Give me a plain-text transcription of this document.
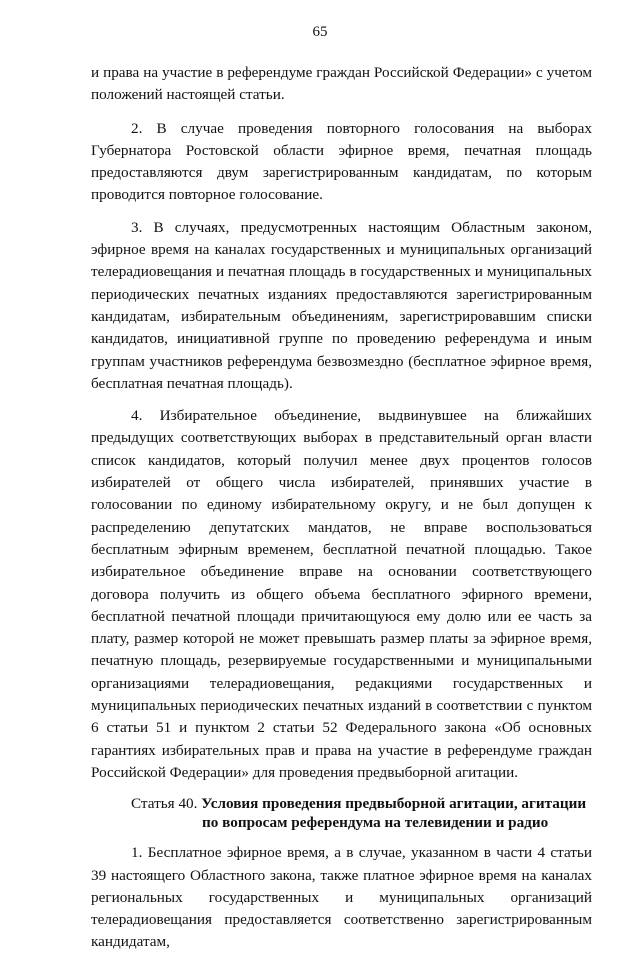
65

и права на участие в референдуме граждан Российской Федерации» с учетом положений настоящей статьи.

2. В случае проведения повторного голосования на выборах Губернатора Ростовской области эфирное время, печатная площадь предоставляются двум зарегистрированным кандидатам, по которым проводится повторное голосование.

3. В случаях, предусмотренных настоящим Областным законом, эфирное время на каналах государственных и муниципальных организаций телерадиовещания и печатная площадь в государственных и муниципальных периодических печатных изданиях предоставляются зарегистрированным кандидатам, избирательным объединениям, зарегистрировавшим списки кандидатов, инициативной группе по проведению референдума и иным группам участников референдума безвозмездно (бесплатное эфирное время, бесплатная печатная площадь).

4. Избирательное объединение, выдвинувшее на ближайших предыдущих соответствующих выборах в представительный орган власти список кандидатов, который получил менее двух процентов голосов избирателей от общего числа избирателей, принявших участие в голосовании по единому избирательному округу, и не был допущен к распределению депутатских мандатов, не вправе воспользоваться бесплатным эфирным временем, бесплатной печатной площадью. Такое избирательное объединение вправе на основании соответствующего договора получить из общего объема бесплатного эфирного времени, бесплатной печатной площади причитающуюся ему долю или ее часть за плату, размер которой не может превышать размер платы за эфирное время, печатную площадь, резервируемые государственными и муниципальными организациями телерадиовещания, редакциями государственных и муниципальных периодических печатных изданий в соответствии с пунктом 6 статьи 51 и пунктом 2 статьи 52 Федерального закона «Об основных гарантиях избирательных прав и права на участие в референдуме граждан Российской Федерации» для проведения предвыборной агитации.

Статья 40. Условия проведения предвыборной агитации, агитации
по вопросам референдума на телевидении и радио

1. Бесплатное эфирное время, а в случае, указанном в части 4 статьи 39 настоящего Областного закона, также платное эфирное время на каналах региональных государственных и муниципальных организаций телерадиовещания предоставляется соответственно зарегистрированным кандидатам,
